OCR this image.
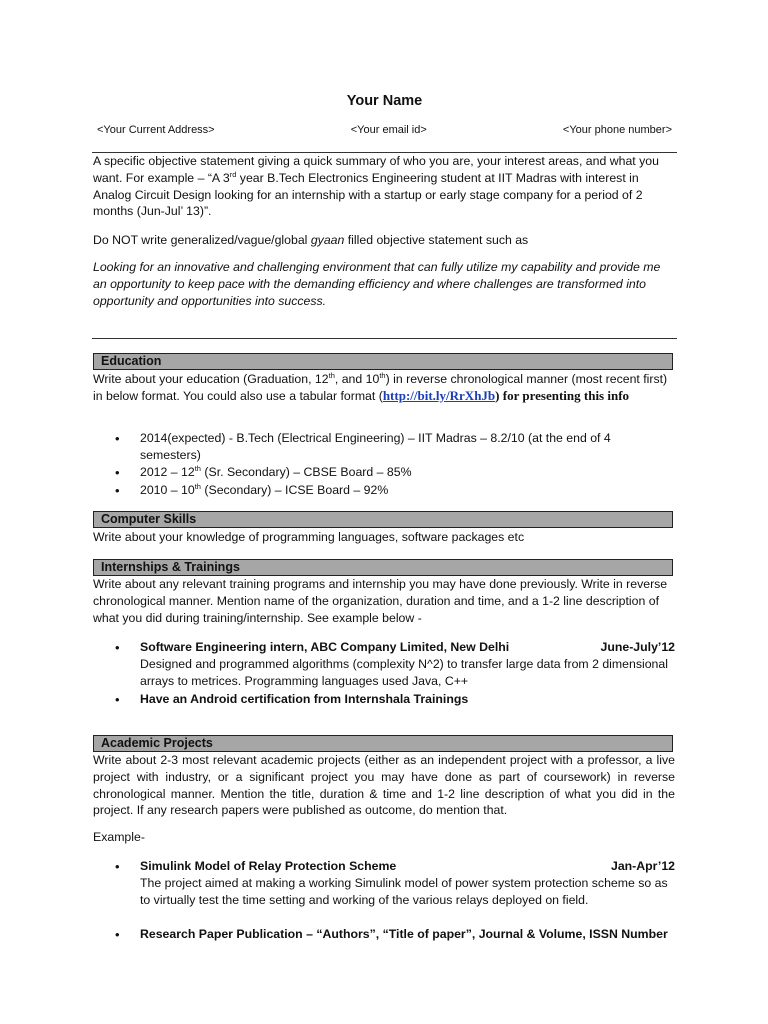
Your Name
<Your Current Address>	<Your email id>	<Your phone number>
A specific objective statement giving a quick summary of who you are, your interest areas, and what you want. For example – “A 3rd year B.Tech Electronics Engineering student at IIT Madras with interest in Analog Circuit Design looking for an internship with a startup or early stage company for a period of 2 months (Jun-Jul’ 13)”.
Do NOT write generalized/vague/global gyaan filled objective statement such as
Looking for an innovative and challenging environment that can fully utilize my capability and provide me an opportunity to keep pace with the demanding efficiency and where challenges are transformed into opportunity and opportunities into success.
Education
Write about your education (Graduation, 12th, and 10th) in reverse chronological manner (most recent first) in below format. You could also use a tabular format (http://bit.ly/RrXhJb) for presenting this info
• 2014(expected) - B.Tech (Electrical Engineering) – IIT Madras – 8.2/10 (at the end of 4 semesters)
• 2012 – 12th (Sr. Secondary) – CBSE Board – 85%
• 2010 – 10th (Secondary) – ICSE Board – 92%
Computer Skills
Write about your knowledge of programming languages, software packages etc
Internships & Trainings
Write about any relevant training programs and internship you may have done previously. Write in reverse chronological manner. Mention name of the organization, duration and time, and a 1-2 line description of what you did during training/internship. See example below -
• Software Engineering intern, ABC Company Limited, New Delhi	June-July’12
Designed and programmed algorithms (complexity N^2) to transfer large data from 2 dimensional arrays to metrices. Programming languages used Java, C++
• Have an Android certification from Internshala Trainings
Academic Projects
Write about 2-3 most relevant academic projects (either as an independent project with a professor, a live project with industry, or a significant project you may have done as part of coursework) in reverse chronological manner. Mention the title, duration & time and 1-2 line description of what you did in the project. If any research papers were published as outcome, do mention that.
Example-
• Simulink Model of Relay Protection Scheme	Jan-Apr’12
The project aimed at making a working Simulink model of power system protection scheme so as to virtually test the time setting and working of the various relays deployed on field.
• Research Paper Publication – “Authors”, “Title of paper”, Journal & Volume, ISSN Number
